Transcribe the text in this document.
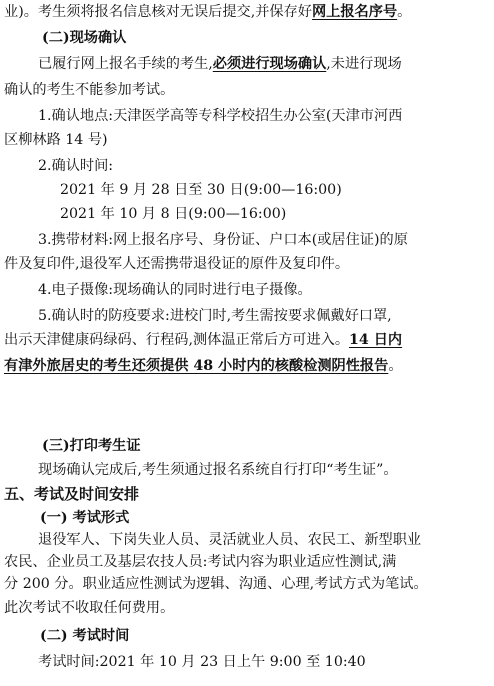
业)。考生须将报名信息核对无误后提交,并保存好网上报名序号。
(二)现场确认
已履行网上报名手续的考生,必须进行现场确认,未进行现场
确认的考生不能参加考试。
1.确认地点:天津医学高等专科学校招生办公室(天津市河西
区柳林路 14 号)
2.确认时间:
2021 年 9 月 28 日至 30 日(9:00—16:00)
2021 年 10 月 8 日(9:00—16:00)
3.携带材料:网上报名序号、身份证、户口本(或居住证)的原
件及复印件,退役军人还需携带退役证的原件及复印件。
4.电子摄像:现场确认的同时进行电子摄像。
5.确认时的防疫要求:进校门时,考生需按要求佩戴好口罩,
出示天津健康码绿码、行程码,测体温正常后方可进入。14 日内
有津外旅居史的考生还须提供 48 小时内的核酸检测阴性报告。
(三)打印考生证
现场确认完成后,考生须通过报名系统自行打印“考生证”。
五、考试及时间安排
(一) 考试形式
退役军人、下岗失业人员、灵活就业人员、农民工、新型职业
农民、企业员工及基层农技人员:考试内容为职业适应性测试,满
分 200 分。职业适应性测试为逻辑、沟通、心理,考试方式为笔试。
此次考试不收取任何费用。
(二) 考试时间
考试时间:2021 年 10 月 23 日上午 9:00 至 10:40
